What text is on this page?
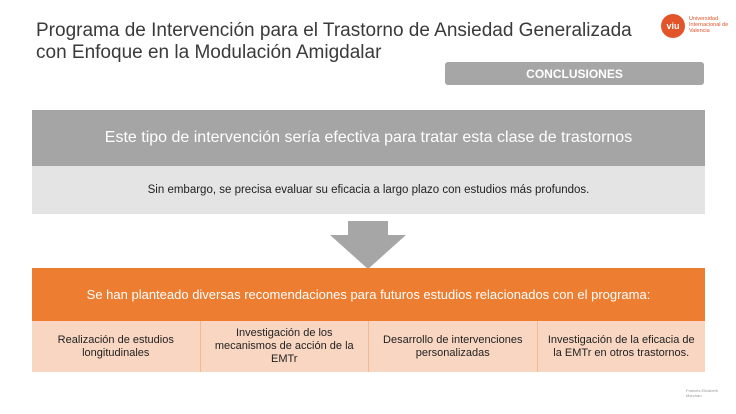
Programa de Intervención para el Trastorno de Ansiedad Generalizada con Enfoque en la Modulación Amigdalar
viu
Universidad Internacional de Valencia
CONCLUSIONES
Este tipo de intervención sería efectiva para tratar esta clase de trastornos
Sin embargo, se precisa evaluar su eficacia a largo plazo con estudios más profundos.
Se han planteado diversas recomendaciones para futuros estudios relacionados con el programa:
Realización de estudios longitudinales
Investigación de los mecanismos de acción de la EMTr
Desarrollo de intervenciones personalizadas
Investigación de la eficacia de la EMTr en otros trastornos.
Francés Elizabeth Marchan
